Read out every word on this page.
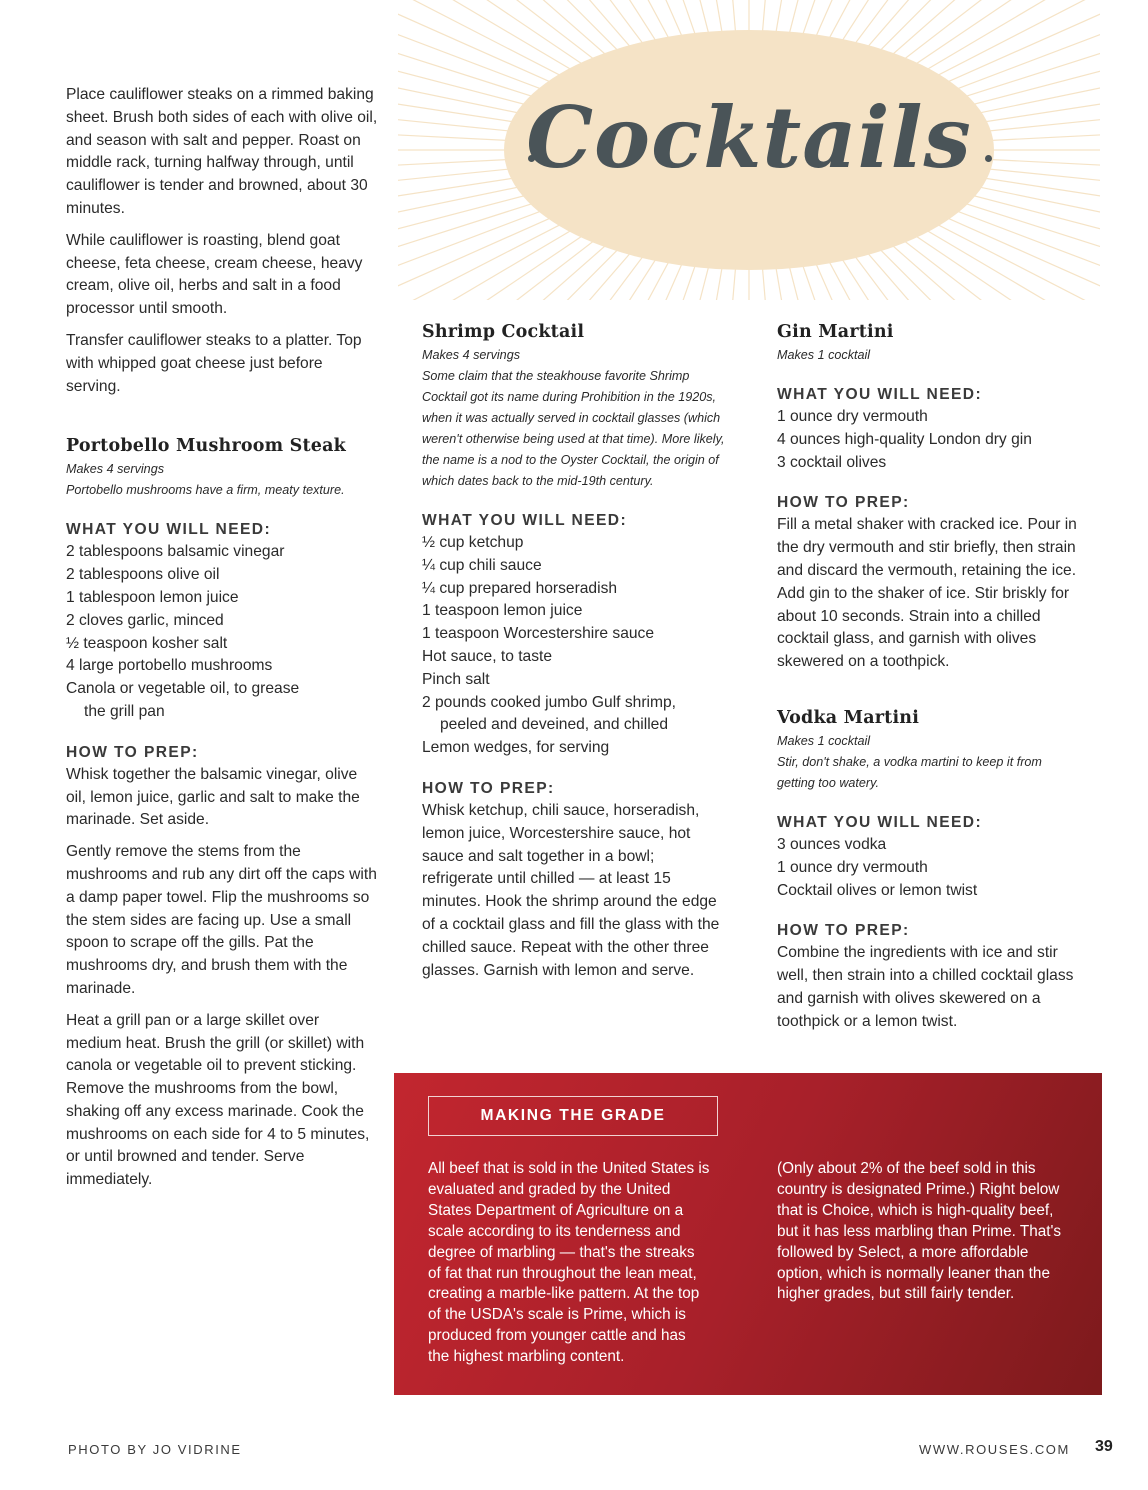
Cocktails

Place cauliflower steaks on a rimmed baking sheet. Brush both sides of each with olive oil, and season with salt and pepper. Roast on middle rack, turning halfway through, until cauliflower is tender and browned, about 30 minutes.

While cauliflower is roasting, blend goat cheese, feta cheese, cream cheese, heavy cream, olive oil, herbs and salt in a food processor until smooth.

Transfer cauliflower steaks to a platter. Top with whipped goat cheese just before serving.

Portobello Mushroom Steak

Makes 4 servings

Portobello mushrooms have a firm, meaty texture.

WHAT YOU WILL NEED:
2 tablespoons balsamic vinegar
2 tablespoons olive oil
1 tablespoon lemon juice
2 cloves garlic, minced
½ teaspoon kosher salt
4 large portobello mushrooms
Canola or vegetable oil, to grease
the grill pan
HOW TO PREP:

Whisk together the balsamic vinegar, olive oil, lemon juice, garlic and salt to make the marinade. Set aside.

Gently remove the stems from the mushrooms and rub any dirt off the caps with a damp paper towel. Flip the mushrooms so the stem sides are facing up. Use a small spoon to scrape off the gills. Pat the mushrooms dry, and brush them with the marinade.

Heat a grill pan or a large skillet over medium heat. Brush the grill (or skillet) with canola or vegetable oil to prevent sticking. Remove the mushrooms from the bowl, shaking off any excess marinade. Cook the mushrooms on each side for 4 to 5 minutes, or until browned and tender. Serve immediately.

Shrimp Cocktail

Makes 4 servings

Some claim that the steakhouse favorite Shrimp Cocktail got its name during Prohibition in the 1920s, when it was actually served in cocktail glasses (which weren't otherwise being used at that time). More likely, the name is a nod to the Oyster Cocktail, the origin of which dates back to the mid-19th century.

WHAT YOU WILL NEED:
½ cup ketchup
¼ cup chili sauce
¼ cup prepared horseradish
1 teaspoon lemon juice
1 teaspoon Worcestershire sauce
Hot sauce, to taste
Pinch salt
2 pounds cooked jumbo Gulf shrimp,
peeled and deveined, and chilled
Lemon wedges, for serving
HOW TO PREP:

Whisk ketchup, chili sauce, horseradish, lemon juice, Worcestershire sauce, hot sauce and salt together in a bowl; refrigerate until chilled — at least 15 minutes. Hook the shrimp around the edge of a cocktail glass and fill the glass with the chilled sauce. Repeat with the other three glasses. Garnish with lemon and serve.

Gin Martini

Makes 1 cocktail

WHAT YOU WILL NEED:
1 ounce dry vermouth
4 ounces high-quality London dry gin
3 cocktail olives
HOW TO PREP:

Fill a metal shaker with cracked ice. Pour in the dry vermouth and stir briefly, then strain and discard the vermouth, retaining the ice. Add gin to the shaker of ice. Stir briskly for about 10 seconds. Strain into a chilled cocktail glass, and garnish with olives skewered on a toothpick.

Vodka Martini

Makes 1 cocktail

Stir, don't shake, a vodka martini to keep it from getting too watery.

WHAT YOU WILL NEED:
3 ounces vodka
1 ounce dry vermouth
Cocktail olives or lemon twist
HOW TO PREP:

Combine the ingredients with ice and stir well, then strain into a chilled cocktail glass and garnish with olives skewered on a toothpick or a lemon twist.

MAKING THE GRADE

All beef that is sold in the United States is evaluated and graded by the United States Department of Agriculture on a scale according to its tenderness and degree of marbling — that's the streaks of fat that run throughout the lean meat, creating a marble-like pattern. At the top of the USDA's scale is Prime, which is produced from younger cattle and has the highest marbling content.

(Only about 2% of the beef sold in this country is designated Prime.) Right below that is Choice, which is high-quality beef, but it has less marbling than Prime. That's followed by Select, a more affordable option, which is normally leaner than the higher grades, but still fairly tender.

PHOTO BY JO VIDRINE	WWW.ROUSES.COM 39
